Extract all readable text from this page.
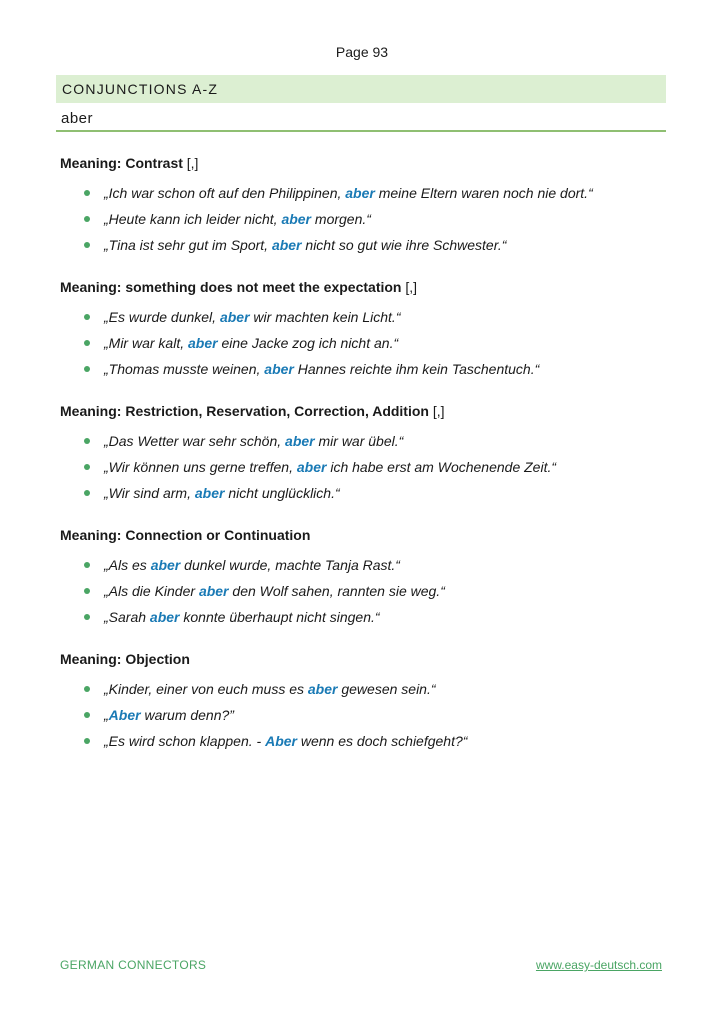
Page 93
CONJUNCTIONS A-Z
aber
Meaning: Contrast [,]
„Ich war schon oft auf den Philippinen, aber meine Eltern waren noch nie dort.“
„Heute kann ich leider nicht, aber morgen.“
„Tina ist sehr gut im Sport, aber nicht so gut wie ihre Schwester.“
Meaning: something does not meet the expectation [,]
„Es wurde dunkel, aber wir machten kein Licht.“
„Mir war kalt, aber eine Jacke zog ich nicht an.“
„Thomas musste weinen, aber Hannes reichte ihm kein Taschentuch.“
Meaning: Restriction, Reservation, Correction, Addition [,]
„Das Wetter war sehr schön, aber mir war übel.“
„Wir können uns gerne treffen, aber ich habe erst am Wochenende Zeit.“
„Wir sind arm, aber nicht unglücklich.“
Meaning: Connection or Continuation
„Als es aber dunkel wurde, machte Tanja Rast.“
„Als die Kinder aber den Wolf sahen, rannten sie weg.“
„Sarah aber konnte überhaupt nicht singen.“
Meaning: Objection
„Kinder, einer von euch muss es aber gewesen sein.“
„Aber warum denn?”
„Es wird schon klappen. - Aber wenn es doch schiefgeht?“
GERMAN CONNECTORS	www.easy-deutsch.com
